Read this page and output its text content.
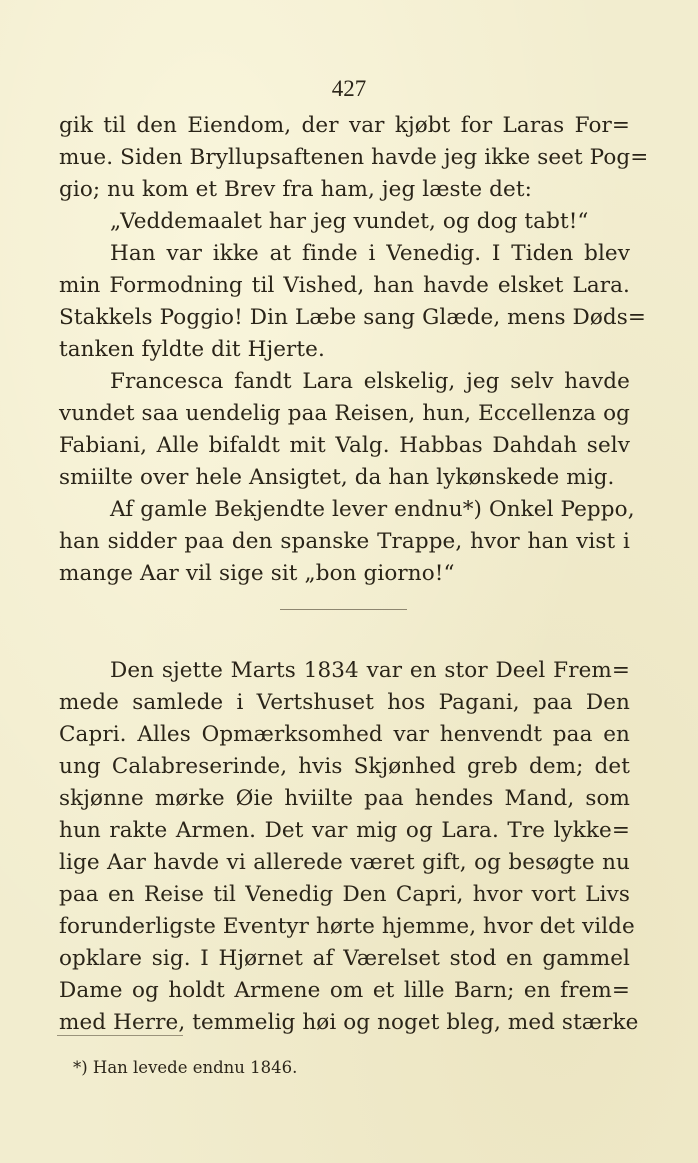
427
gik til den Eiendom, der var kjøbt for Laras For=
mue. Siden Bryllupsaftenen havde jeg ikke seet Pog=
gio; nu kom et Brev fra ham, jeg læste det:
„Veddemaalet har jeg vundet, og dog tabt!“
Han var ikke at finde i Venedig. I Tiden blev
min Formodning til Vished, han havde elsket Lara.
Stakkels Poggio! Din Læbe sang Glæde, mens Døds=
tanken fyldte dit Hjerte.
Francesca fandt Lara elskelig, jeg selv havde
vundet saa uendelig paa Reisen, hun, Eccellenza og
Fabiani, Alle bifaldt mit Valg. Habbas Dahdah selv
smiilte over hele Ansigtet, da han lykønskede mig.
Af gamle Bekjendte lever endnu*) Onkel Peppo,
han sidder paa den spanske Trappe, hvor han vist i
mange Aar vil sige sit „bon giorno!“
Den sjette Marts 1834 var en stor Deel Frem=
mede samlede i Vertshuset hos Pagani, paa Den
Capri. Alles Opmærksomhed var henvendt paa en
ung Calabreserinde, hvis Skjønhed greb dem; det
skjønne mørke Øie hviilte paa hendes Mand, som
hun rakte Armen. Det var mig og Lara. Tre lykke=
lige Aar havde vi allerede været gift, og besøgte nu
paa en Reise til Venedig Den Capri, hvor vort Livs
forunderligste Eventyr hørte hjemme, hvor det vilde
opklare sig. I Hjørnet af Værelset stod en gammel
Dame og holdt Armene om et lille Barn; en frem=
med Herre, temmelig høi og noget bleg, med stærke
*) Han levede endnu 1846.
